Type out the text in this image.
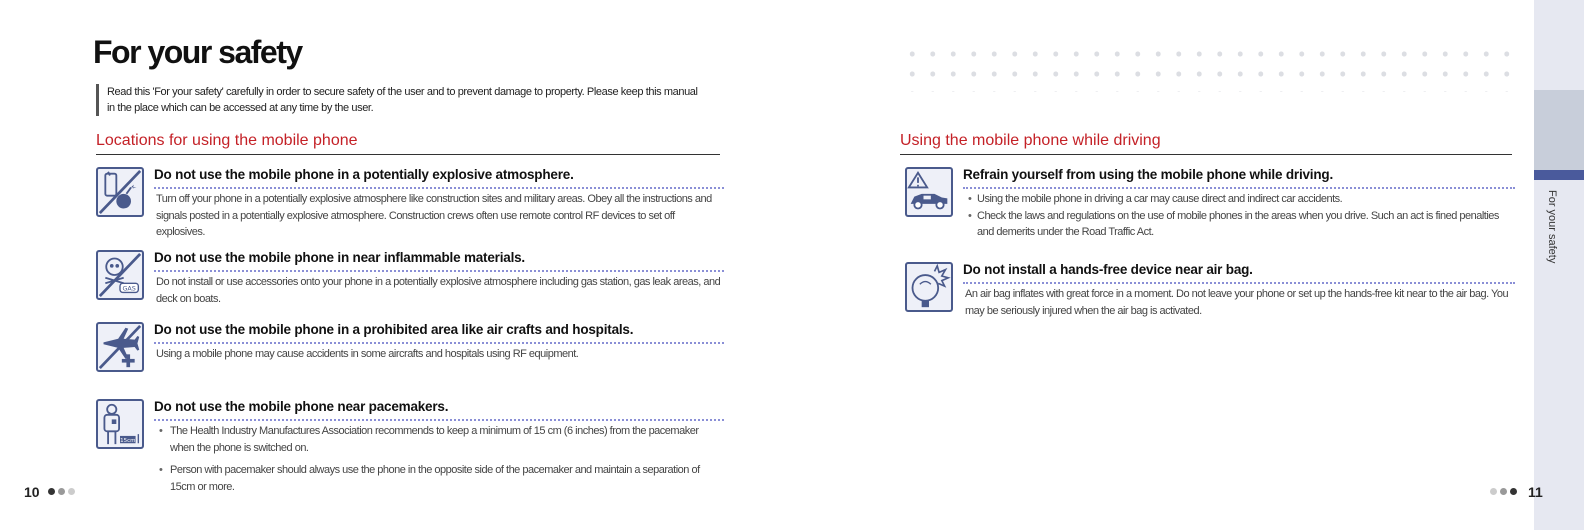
For your safety
Read this 'For your safety' carefully in order to secure safety of the user and to prevent damage to property. Please keep this manual in the place which can be accessed at any time by the user.
Locations for using the mobile phone
Do not use the mobile phone in a potentially explosive atmosphere.
Turn off your phone in a potentially explosive atmosphere like construction sites and military areas. Obey all the instructions and signals posted in a potentially explosive atmosphere. Construction crews often use remote control RF devices to set off explosives.
GAS
Do not use the mobile phone in near inflammable materials.
Do not install or use accessories onto your phone in a potentially explosive atmosphere including gas station, gas leak areas, and deck on boats.
Do not use the mobile phone in a prohibited area like air crafts and hospitals.
Using a mobile phone may cause accidents in some aircrafts and hospitals using RF equipment.
15cm
Do not use the mobile phone near pacemakers.
• The Health Industry Manufactures Association recommends to keep a minimum of 15 cm (6 inches) from the pacemaker when the phone is switched on.
• Person with pacemaker should always use the phone in the opposite side of the pacemaker and maintain a separation of 15cm or more.
Using the mobile phone while driving
Refrain yourself from using the mobile phone while driving.
• Using the mobile phone in driving a car may cause direct and indirect car accidents.
• Check the laws and regulations on the use of mobile phones in the areas when you drive. Such an act is fined penalties and demerits under the Road Traffic Act.
Do not install a hands-free device near air bag.
An air bag inflates with great force in a moment. Do not leave your phone or set up the hands-free kit near to the air bag. You may be seriously injured when the air bag is activated.
For your safety
10	11
